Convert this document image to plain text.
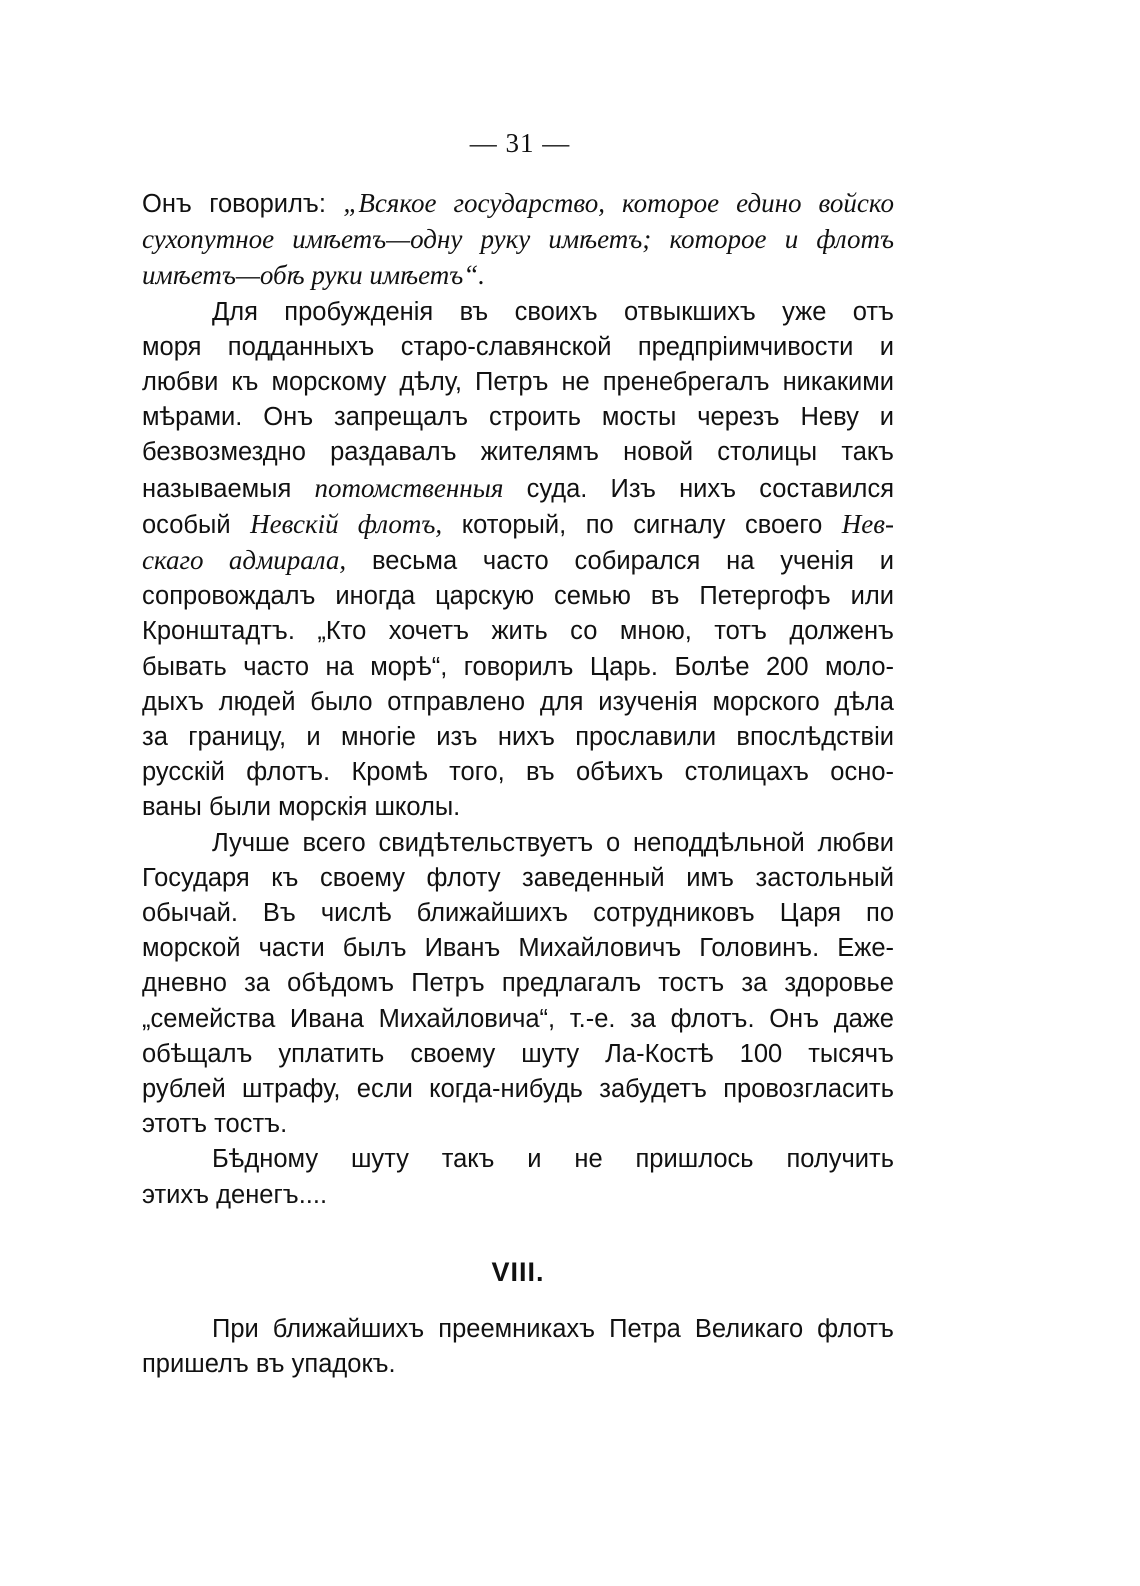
— 31 —

Онъ говорилъ: „Всякое государство, которое едино войско
сухопутное имѣетъ—одну руку имѣетъ; которое и флотъ
имѣетъ—обѣ руки имѣетъ“.

Для пробужденія въ своихъ отвыкшихъ уже отъ
моря подданныхъ старо-славянской предпріимчивости и
любви къ морскому дѣлу, Петръ не пренебрегалъ никакими
мѣрами. Онъ запрещалъ строить мосты черезъ Неву и
безвозмездно раздавалъ жителямъ новой столицы такъ
называемыя потомственныя суда. Изъ нихъ составился
особый Невскій флотъ, который, по сигналу своего Нев-
скаго адмирала, весьма часто собирался на ученія и
сопровождалъ иногда царскую семью въ Петергофъ или
Кронштадтъ. „Кто хочетъ жить со мною, тотъ долженъ
бывать часто на морѣ“, говорилъ Царь. Болѣе 200 моло-
дыхъ людей было отправлено для изученія морского дѣла
за границу, и многіе изъ нихъ прославили впослѣдствіи
русскій флотъ. Кромѣ того, въ обѣихъ столицахъ осно-
ваны были морскія школы.

Лучше всего свидѣтельствуетъ о неподдѣльной любви
Государя къ своему флоту заведенный имъ застольный
обычай. Въ числѣ ближайшихъ сотрудниковъ Царя по
морской части былъ Иванъ Михайловичъ Головинъ. Еже-
дневно за обѣдомъ Петръ предлагалъ тостъ за здоровье
„семейства Ивана Михайловича“, т.-е. за флотъ. Онъ даже
обѣщалъ уплатить своему шуту Ла-Костѣ 100 тысячъ
рублей штрафу, если когда-нибудь забудетъ провозгласить
этотъ тостъ.

Бѣдному шуту такъ и не пришлось получить
этихъ денегъ....

VIII.

При ближайшихъ преемникахъ Петра Великаго флотъ
пришелъ въ упадокъ.
